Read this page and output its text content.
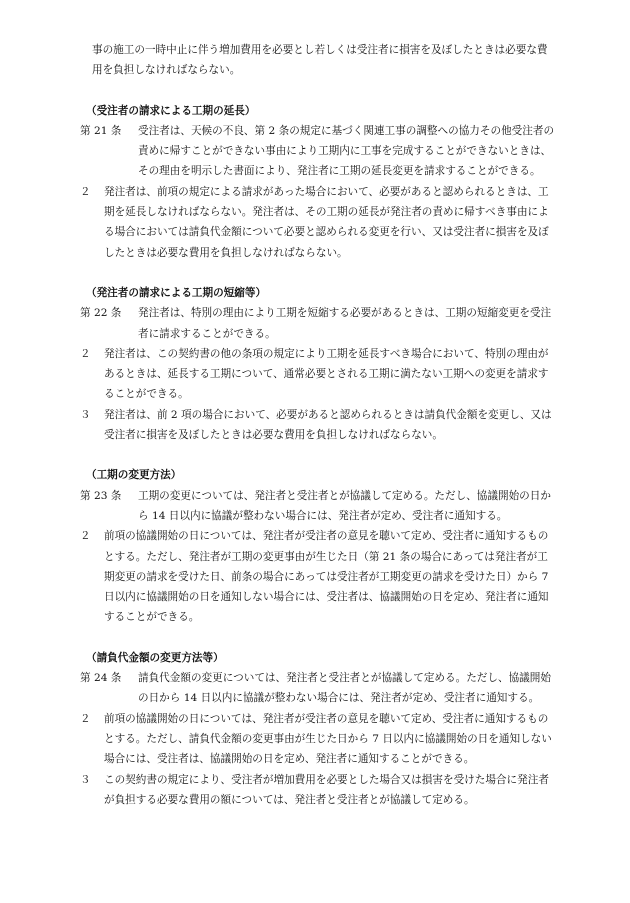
事の施工の一時中止に伴う増加費用を必要とし若しくは受注者に損害を及ぼしたときは必要な費用を負担しなければならない。

（受注者の請求による工期の延長）

第 21 条	受注者は、天候の不良、第 2 条の規定に基づく関連工事の調整への協力その他受注者の責めに帰すことができない事由により工期内に工事を完成することができないときは、その理由を明示した書面により、発注者に工期の延長変更を請求することができる。
２	発注者は、前項の規定による請求があった場合において、必要があると認められるときは、工期を延長しなければならない。発注者は、その工期の延長が発注者の責めに帰すべき事由による場合においては請負代金額について必要と認められる変更を行い、又は受注者に損害を及ぼしたときは必要な費用を負担しなければならない。

（発注者の請求による工期の短縮等）

第 22 条	発注者は、特別の理由により工期を短縮する必要があるときは、工期の短縮変更を受注者に請求することができる。
２	発注者は、この契約書の他の条項の規定により工期を延長すべき場合において、特別の理由があるときは、延長する工期について、通常必要とされる工期に満たない工期への変更を請求することができる。
３	発注者は、前 2 項の場合において、必要があると認められるときは請負代金額を変更し、又は受注者に損害を及ぼしたときは必要な費用を負担しなければならない。

（工期の変更方法）

第 23 条	工期の変更については、発注者と受注者とが協議して定める。ただし、協議開始の日から 14 日以内に協議が整わない場合には、発注者が定め、受注者に通知する。
２	前項の協議開始の日については、発注者が受注者の意見を聴いて定め、受注者に通知するものとする。ただし、発注者が工期の変更事由が生じた日（第 21 条の場合にあっては発注者が工期変更の請求を受けた日、前条の場合にあっては受注者が工期変更の請求を受けた日）から 7 日以内に協議開始の日を通知しない場合には、受注者は、協議開始の日を定め、発注者に通知することができる。

（請負代金額の変更方法等）

第 24 条	請負代金額の変更については、発注者と受注者とが協議して定める。ただし、協議開始の日から 14 日以内に協議が整わない場合には、発注者が定め、受注者に通知する。
２	前項の協議開始の日については、発注者が受注者の意見を聴いて定め、受注者に通知するものとする。ただし、請負代金額の変更事由が生じた日から 7 日以内に協議開始の日を通知しない場合には、受注者は、協議開始の日を定め、発注者に通知することができる。
３	この契約書の規定により、受注者が増加費用を必要とした場合又は損害を受けた場合に発注者が負担する必要な費用の額については、発注者と受注者とが協議して定める。
